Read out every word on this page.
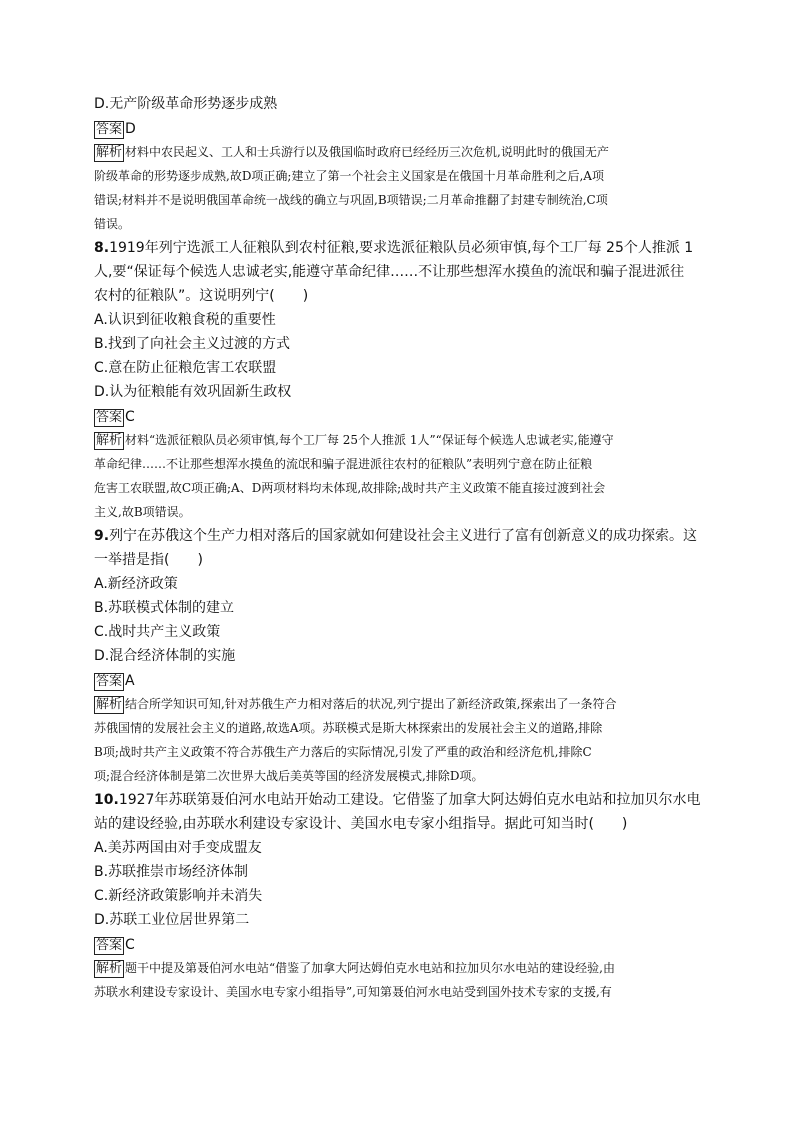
D.无产阶级革命形势逐步成熟
答案 D
解析 材料中农民起义、工人和士兵游行以及俄国临时政府已经经历三次危机,说明此时的俄国无产
阶级革命的形势逐步成熟,故D项正确;建立了第一个社会主义国家是在俄国十月革命胜利之后,A项
错误;材料并不是说明俄国革命统一战线的确立与巩固,B项错误;二月革命推翻了封建专制统治,C项
错误。
8.1919年列宁选派工人征粮队到农村征粮,要求选派征粮队员必须审慎,每个工厂每 25个人推派 1
人,要“保证每个候选人忠诚老实,能遵守革命纪律……不让那些想浑水摸鱼的流氓和骗子混进派往
农村的征粮队”。这说明列宁(　　)
A.认识到征收粮食税的重要性
B.找到了向社会主义过渡的方式
C.意在防止征粮危害工农联盟
D.认为征粮能有效巩固新生政权
答案 C
解析 材料“选派征粮队员必须审慎,每个工厂每 25个人推派 1人”“保证每个候选人忠诚老实,能遵守
革命纪律……不让那些想浑水摸鱼的流氓和骗子混进派往农村的征粮队”表明列宁意在防止征粮
危害工农联盟,故C项正确;A、D两项材料均未体现,故排除;战时共产主义政策不能直接过渡到社会
主义,故B项错误。
9.列宁在苏俄这个生产力相对落后的国家就如何建设社会主义进行了富有创新意义的成功探索。这
一举措是指(　　)
A.新经济政策
B.苏联模式体制的建立
C.战时共产主义政策
D.混合经济体制的实施
答案 A
解析 结合所学知识可知,针对苏俄生产力相对落后的状况,列宁提出了新经济政策,探索出了一条符合
苏俄国情的发展社会主义的道路,故选A项。苏联模式是斯大林探索出的发展社会主义的道路,排除
B项;战时共产主义政策不符合苏俄生产力落后的实际情况,引发了严重的政治和经济危机,排除C
项;混合经济体制是第二次世界大战后美英等国的经济发展模式,排除D项。
10.1927年苏联第聂伯河水电站开始动工建设。它借鉴了加拿大阿达姆伯克水电站和拉加贝尔水电
站的建设经验,由苏联水利建设专家设计、美国水电专家小组指导。据此可知当时(　　)
A.美苏两国由对手变成盟友
B.苏联推崇市场经济体制
C.新经济政策影响并未消失
D.苏联工业位居世界第二
答案 C
解析 题干中提及第聂伯河水电站“借鉴了加拿大阿达姆伯克水电站和拉加贝尔水电站的建设经验,由
苏联水利建设专家设计、美国水电专家小组指导”,可知第聂伯河水电站受到国外技术专家的支援,有
